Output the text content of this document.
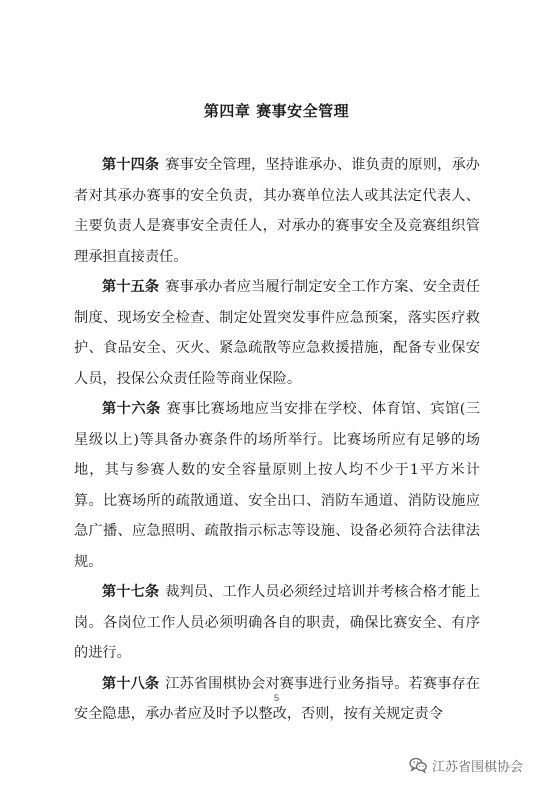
第四章 赛事安全管理

第十四条 赛事安全管理，坚持谁承办、谁负责的原则，承办者对其承办赛事的安全负责，其办赛单位法人或其法定代表人、主要负责人是赛事安全责任人，对承办的赛事安全及竞赛组织管理承担直接责任。

第十五条 赛事承办者应当履行制定安全工作方案、安全责任制度、现场安全检查、制定处置突发事件应急预案，落实医疗救护、食品安全、灭火、紧急疏散等应急救援措施，配备专业保安人员，投保公众责任险等商业保险。

第十六条 赛事比赛场地应当安排在学校、体育馆、宾馆(三星级以上)等具备办赛条件的场所举行。比赛场所应有足够的场地，其与参赛人数的安全容量原则上按人均不少于1平方米计算。比赛场所的疏散通道、安全出口、消防车通道、消防设施应急广播、应急照明、疏散指示标志等设施、设备必须符合法律法规。

第十七条 裁判员、工作人员必须经过培训并考核合格才能上岗。各岗位工作人员必须明确各自的职责，确保比赛安全、有序的进行。

第十八条 江苏省围棋协会对赛事进行业务指导。若赛事存在安全隐患，承办者应及时予以整改，否则，按有关规定责令

5
江苏省围棋协会
